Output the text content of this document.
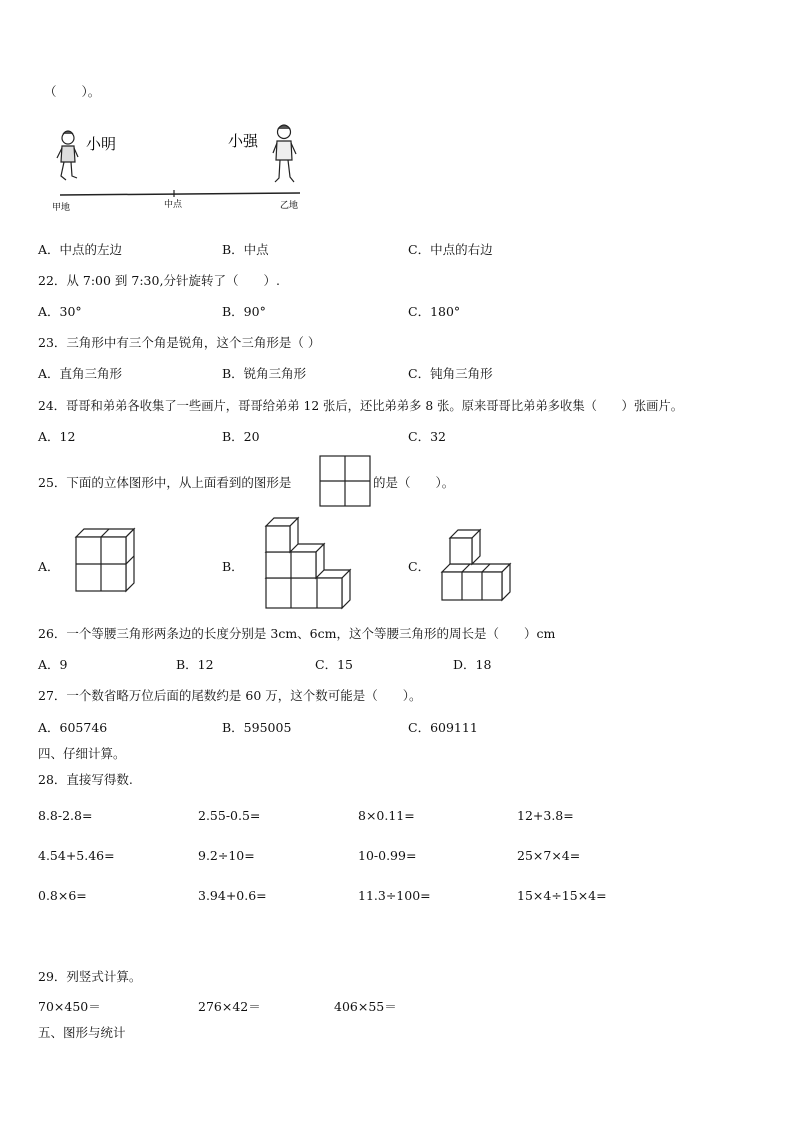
（　　）。
小明	小强
甲地	中点	乙地
A．中点的左边	B．中点	C．中点的右边
22．从 7:00 到 7:30,分针旋转了（　　）.
A．30°	B．90°	C．180°
23．三角形中有三个角是锐角，这个三角形是（ ）
A．直角三角形	B．锐角三角形	C．钝角三角形
24．哥哥和弟弟各收集了一些画片，哥哥给弟弟 12 张后，还比弟弟多 8 张。原来哥哥比弟弟多收集（　　）张画片。
A．12	B．20	C．32
25．下面的立体图形中，从上面看到的图形是	的是（　　）。
A．	B．	C．
26．一个等腰三角形两条边的长度分别是 3cm、6cm，这个等腰三角形的周长是（　　）cm
A．9	B．12	C．15	D．18
27．一个数省略万位后面的尾数约是 60 万，这个数可能是（　　）。
A．605746	B．595005	C．609111
四、仔细计算。
28．直接写得数.
8.8-2.8=	2.55-0.5=	8×0.11=	12+3.8=
4.54+5.46=	9.2÷10=	10-0.99=	25×7×4=
0.8×6=	3.94+0.6=	11.3÷100=	15×4÷15×4=
29．列竖式计算。
70×450＝	276×42＝	406×55＝
五、图形与统计
